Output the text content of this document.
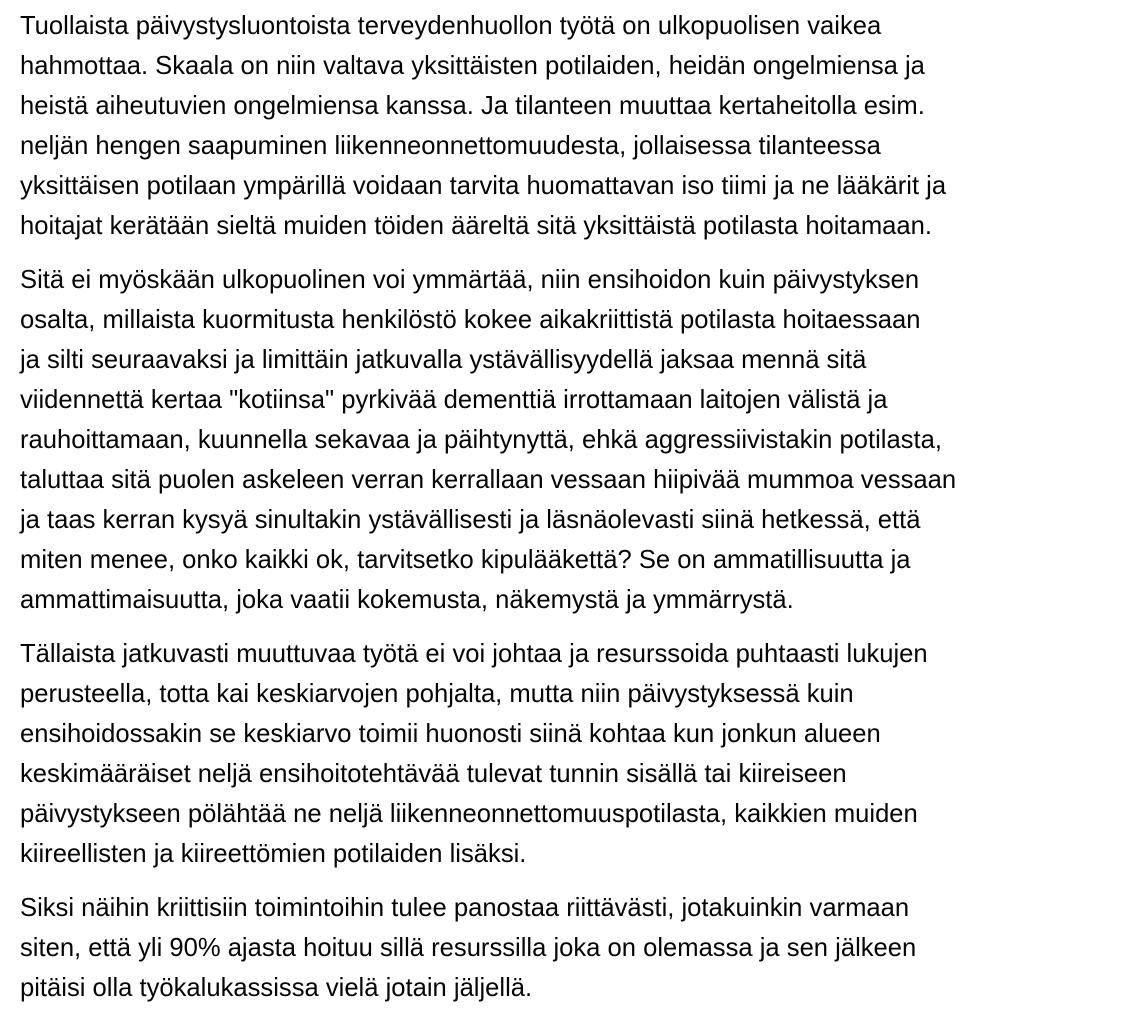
Tuollaista päivystysluontoista terveydenhuollon työtä on ulkopuolisen vaikea
hahmottaa. Skaala on niin valtava yksittäisten potilaiden, heidän ongelmiensa ja
heistä aiheutuvien ongelmiensa kanssa. Ja tilanteen muuttaa kertaheitolla esim.
neljän hengen saapuminen liikenneonnettomuudesta, jollaisessa tilanteessa
yksittäisen potilaan ympärillä voidaan tarvita huomattavan iso tiimi ja ne lääkärit ja
hoitajat kerätään sieltä muiden töiden ääreltä sitä yksittäistä potilasta hoitamaan.

Sitä ei myöskään ulkopuolinen voi ymmärtää, niin ensihoidon kuin päivystyksen
osalta, millaista kuormitusta henkilöstö kokee aikakriittistä potilasta hoitaessaan
ja silti seuraavaksi ja limittäin jatkuvalla ystävällisyydellä jaksaa mennä sitä
viidennettä kertaa "kotiinsa" pyrkivää dementtiä irrottamaan laitojen välistä ja
rauhoittamaan, kuunnella sekavaa ja päihtynyttä, ehkä aggressiivistakin potilasta,
taluttaa sitä puolen askeleen verran kerrallaan vessaan hiipivää mummoa vessaan
ja taas kerran kysyä sinultakin ystävällisesti ja läsnäolevasti siinä hetkessä, että
miten menee, onko kaikki ok, tarvitsetko kipulääkettä? Se on ammatillisuutta ja
ammattimaisuutta, joka vaatii kokemusta, näkemystä ja ymmärrystä.

Tällaista jatkuvasti muuttuvaa työtä ei voi johtaa ja resurssoida puhtaasti lukujen
perusteella, totta kai keskiarvojen pohjalta, mutta niin päivystyksessä kuin
ensihoidossakin se keskiarvo toimii huonosti siinä kohtaa kun jonkun alueen
keskimääräiset neljä ensihoitotehtävää tulevat tunnin sisällä tai kiireiseen
päivystykseen pölähtää ne neljä liikenneonnettomuuspotilasta, kaikkien muiden
kiireellisten ja kiireettömien potilaiden lisäksi.

Siksi näihin kriittisiin toimintoihin tulee panostaa riittävästi, jotakuinkin varmaan
siten, että yli 90% ajasta hoituu sillä resurssilla joka on olemassa ja sen jälkeen
pitäisi olla työkalukassissa vielä jotain jäljellä.
